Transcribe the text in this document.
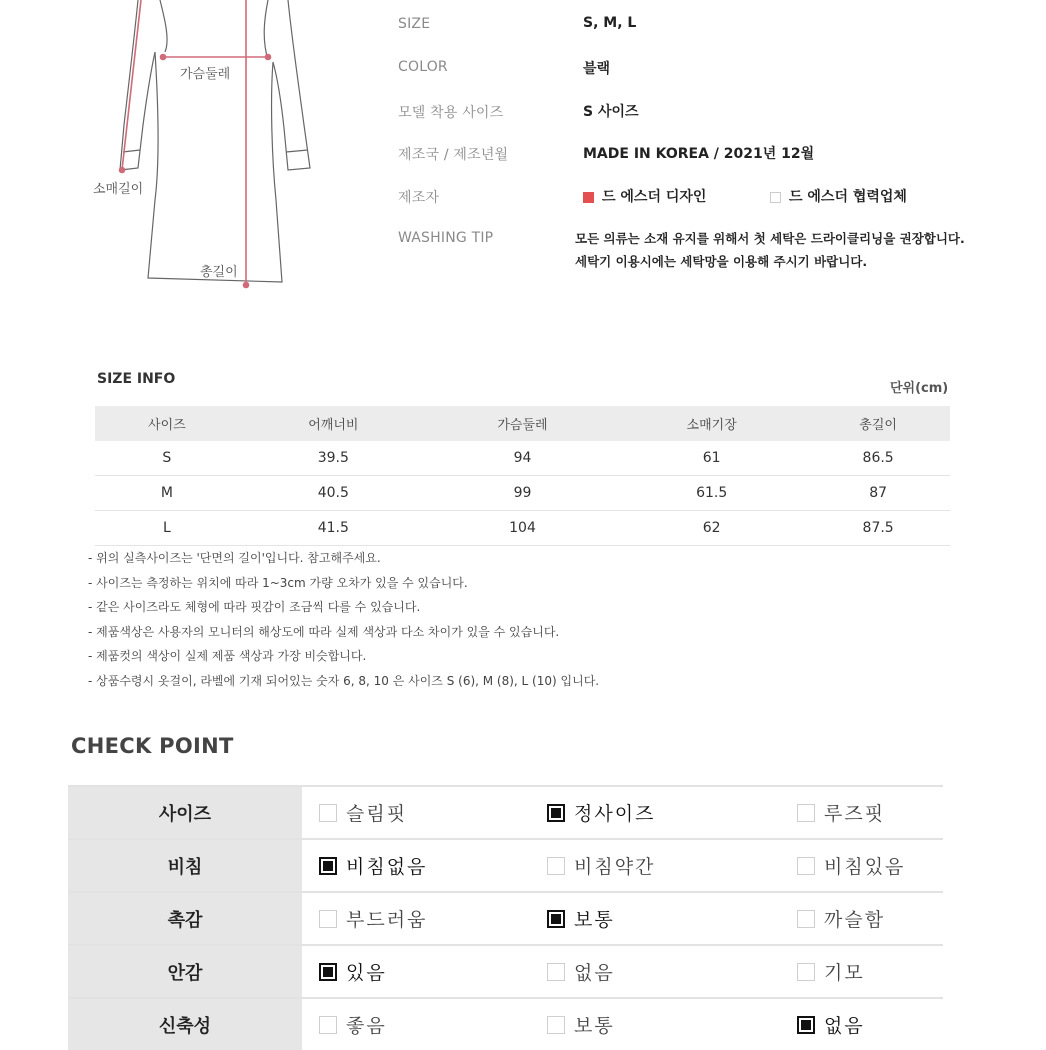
가슴둘레
소매길이
총길이
SIZE	S, M, L
COLOR	블랙
모델 착용 사이즈	S 사이즈
제조국 / 제조년월	MADE IN KOREA / 2021년 12월
제조자	드 에스더 디자인	드 에스더 협력업체
WASHING TIP	모든 의류는 소재 유지를 위해서 첫 세탁은 드라이클리닝을 권장합니다.
세탁기 이용시에는 세탁망을 이용해 주시기 바랍니다.
SIZE INFO
단위(cm)
사이즈	어깨너비	가슴둘레	소매기장	총길이
S	39.5	94	61	86.5
M	40.5	99	61.5	87
L	41.5	104	62	87.5
- 위의 실측사이즈는 '단면의 길이'입니다. 참고해주세요.
- 사이즈는 측정하는 위치에 따라 1~3cm 가량 오차가 있을 수 있습니다.
- 같은 사이즈라도 체형에 따라 핏감이 조금씩 다를 수 있습니다.
- 제품색상은 사용자의 모니터의 해상도에 따라 실제 색상과 다소 차이가 있을 수 있습니다.
- 제품컷의 색상이 실제 제품 색상과 가장 비슷합니다.
- 상품수령시 옷걸이, 라벨에 기재 되어있는 숫자 6, 8, 10 은 사이즈 S (6), M (8), L (10) 입니다.
CHECK POINT
사이즈	슬림핏	정사이즈	루즈핏
비침	비침없음	비침약간	비침있음
촉감	부드러움	보통	까슬함
안감	있음	없음	기모
신축성	좋음	보통	없음
